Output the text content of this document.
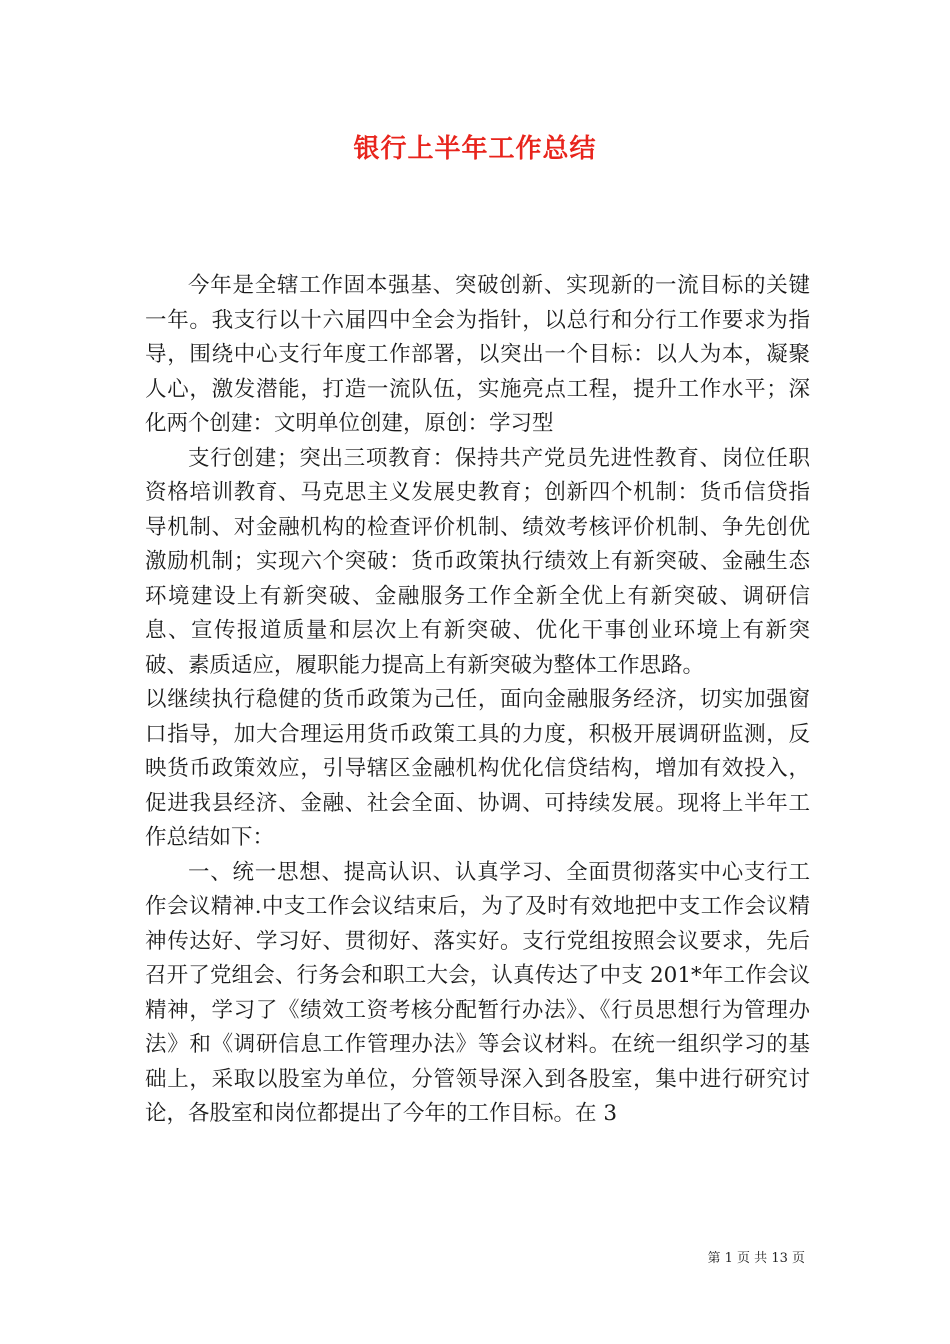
银行上半年工作总结

今年是全辖工作固本强基、突破创新、实现新的一流目标的关键一年。我支行以十六届四中全会为指针，以总行和分行工作要求为指导，围绕中心支行年度工作部署，以突出一个目标：以人为本，凝聚人心，激发潜能，打造一流队伍，实施亮点工程，提升工作水平；深化两个创建：文明单位创建，原创：学习型

支行创建；突出三项教育：保持共产党员先进性教育、岗位任职资格培训教育、马克思主义发展史教育；创新四个机制：货币信贷指导机制、对金融机构的检查评价机制、绩效考核评价机制、争先创优激励机制；实现六个突破：货币政策执行绩效上有新突破、金融生态环境建设上有新突破、金融服务工作全新全优上有新突破、调研信息、宣传报道质量和层次上有新突破、优化干事创业环境上有新突破、素质适应，履职能力提高上有新突破为整体工作思路。

以继续执行稳健的货币政策为己任，面向金融服务经济，切实加强窗口指导，加大合理运用货币政策工具的力度，积极开展调研监测，反映货币政策效应，引导辖区金融机构优化信贷结构，增加有效投入，促进我县经济、金融、社会全面、协调、可持续发展。现将上半年工作总结如下：

一、统一思想、提高认识、认真学习、全面贯彻落实中心支行工作会议精神.中支工作会议结束后，为了及时有效地把中支工作会议精神传达好、学习好、贯彻好、落实好。支行党组按照会议要求，先后召开了党组会、行务会和职工大会，认真传达了中支 201*年工作会议精神，学习了《绩效工资考核分配暂行办法》、《行员思想行为管理办法》和《调研信息工作管理办法》等会议材料。在统一组织学习的基础上，采取以股室为单位，分管领导深入到各股室，集中进行研究讨论，各股室和岗位都提出了今年的工作目标。在 3

第 1 页 共 13 页
